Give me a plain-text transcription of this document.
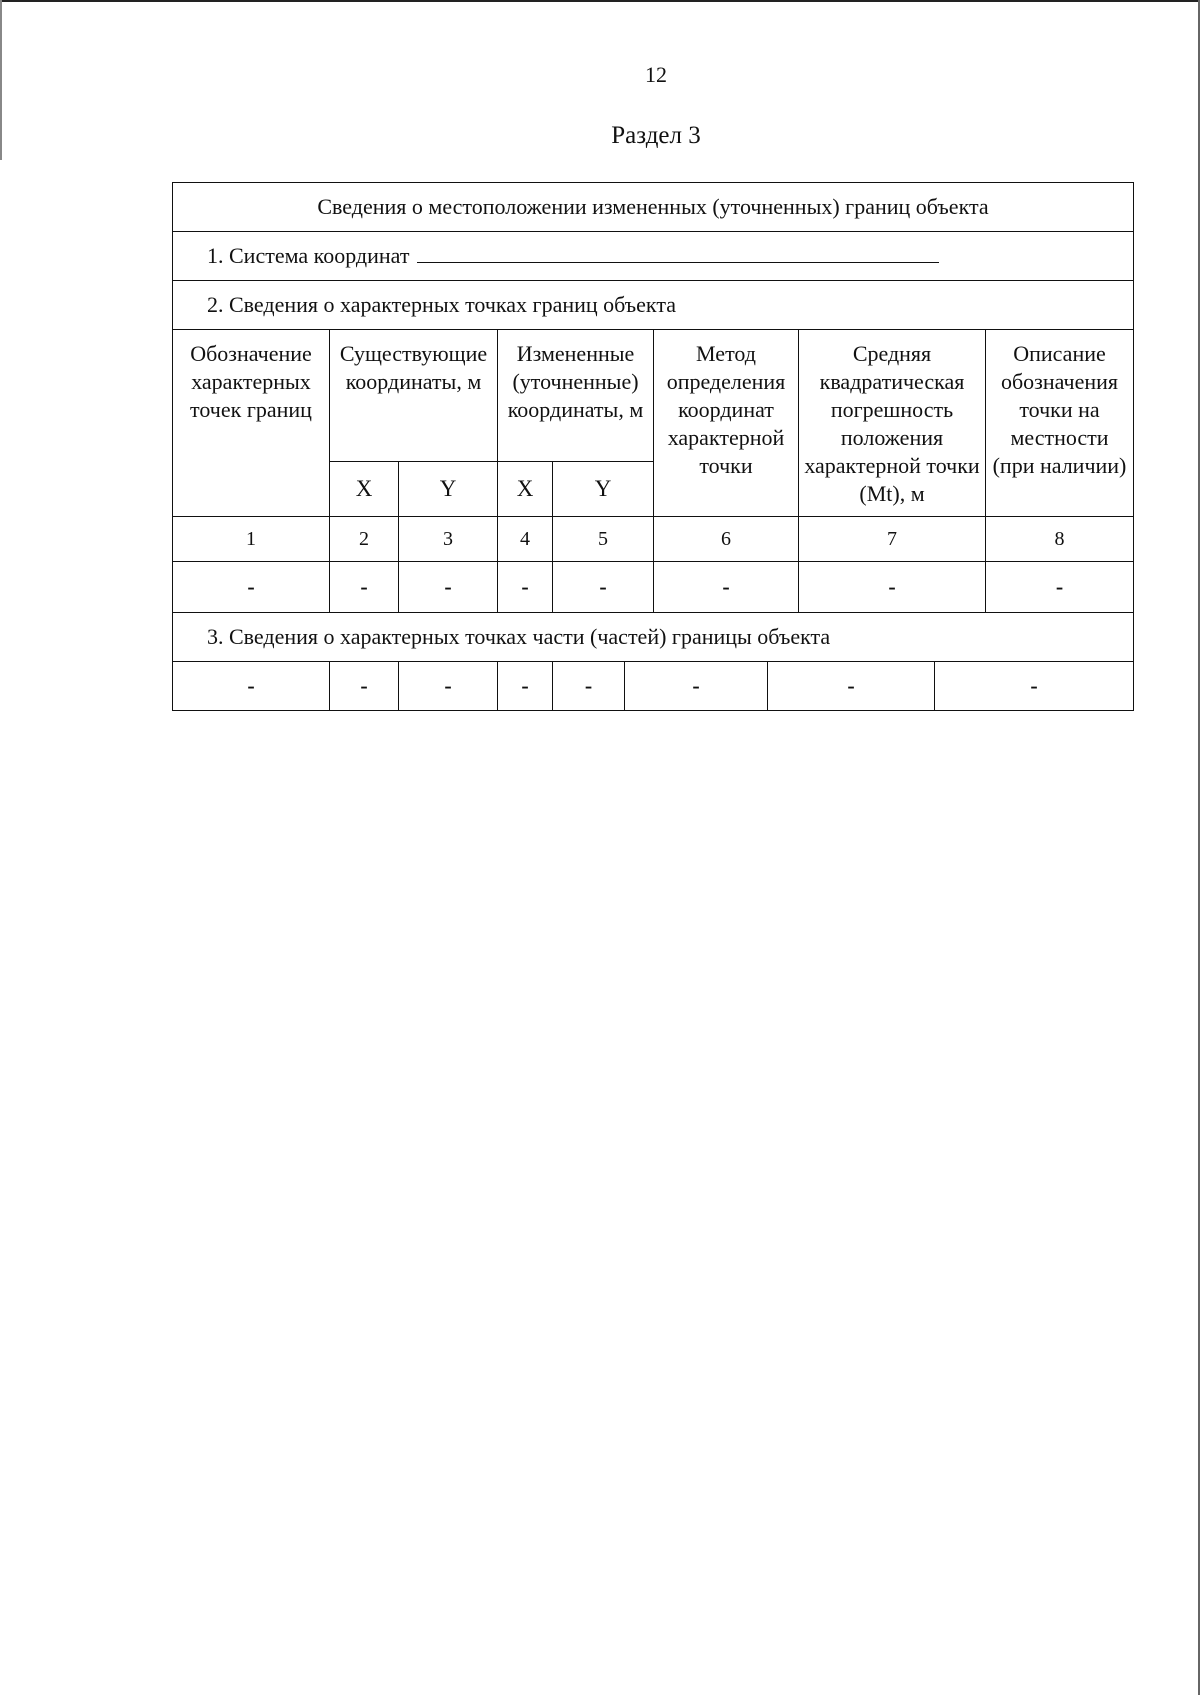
12
Раздел 3
Сведения о местоположении измененных (уточненных) границ объекта							

1. Система координат							

2. Сведения о характерных точках границ объекта							

Обозначение характерных точек границ	Существующие координаты, м		Измененные (уточненные) координаты, м		Метод определения координат характерной точки	Средняя квадратическая погрешность положения характерной точки (Mt), м	Описание обозначения точки на местности (при наличии)
	X	Y	X	Y			
1	2	3	4	5	6	7	8
-	-	-	-	-	-	-	-

3. Сведения о характерных точках части (частей) границы объекта							
-	-	-	-	-	-	-	-
